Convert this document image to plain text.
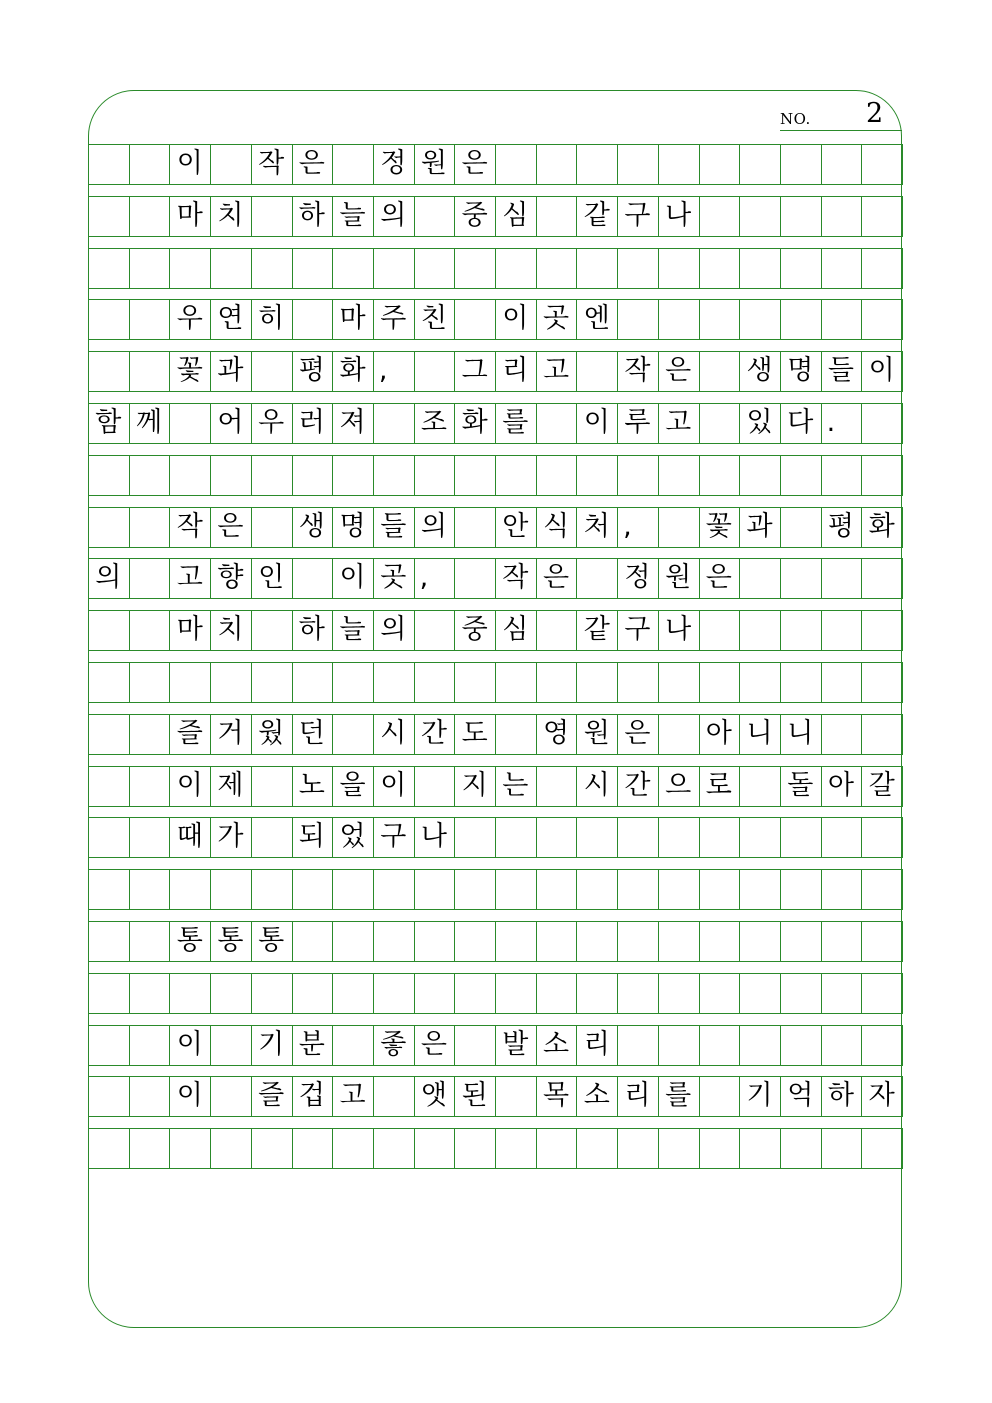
NO. 2
이 작 은 정 원 은
마 치 하 늘 의 중 심 같 구 나
우 연 히 마 주 친 이 곳 엔
꽃 과 평 화 ,	그 리 고 작 은 생 명 들 이
함 께 어 우 러 져 조 화 를 이 루 고 있 다 .
작 은 생 명 들 의 안 식 처 ,	꽃 과 평 화
의 고 향 인 이 곳 ,	작 은 정 원 은
마 치 하 늘 의 중 심 같 구 나
즐 거 웠 던 시 간 도 영 원 은 아 니 니
이 제 노 을 이 지 는 시 간 으 로 돌 아 갈
때 가 되 었 구 나
통 통 통
이 기 분 좋 은 발 소 리
이 즐 겁 고 앳 된 목 소 리 를 기 억 하 자
